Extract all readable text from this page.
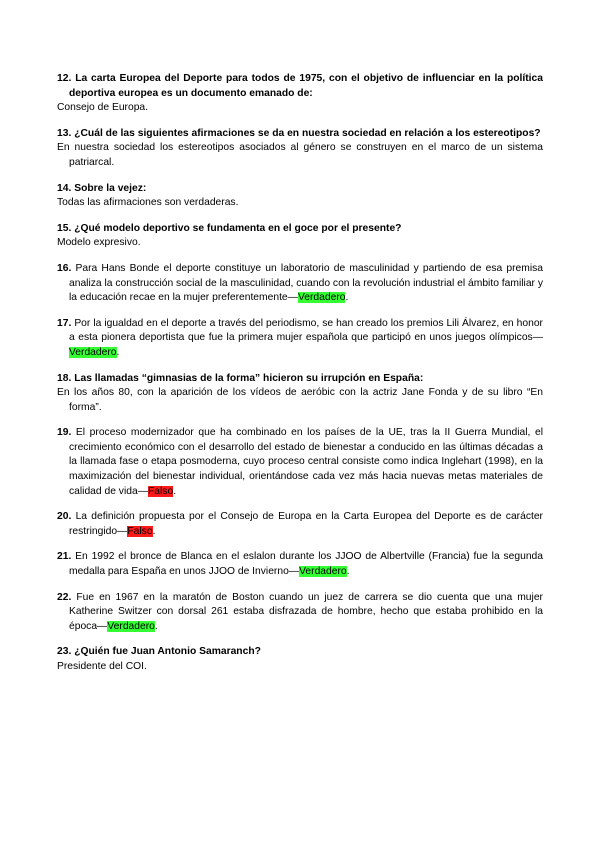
12. La carta Europea del Deporte para todos de 1975, con el objetivo de influenciar en la política deportiva europea es un documento emanado de:
Consejo de Europa.
13. ¿Cuál de las siguientes afirmaciones se da en nuestra sociedad en relación a los estereotipos?
En nuestra sociedad los estereotipos asociados al género se construyen en el marco de un sistema patriarcal.
14. Sobre la vejez:
Todas las afirmaciones son verdaderas.
15. ¿Qué modelo deportivo se fundamenta en el goce por el presente?
Modelo expresivo.
16. Para Hans Bonde el deporte constituye un laboratorio de masculinidad y partiendo de esa premisa analiza la construcción social de la masculinidad, cuando con la revolución industrial el ámbito familiar y la educación recae en la mujer preferentemente—Verdadero.
17. Por la igualdad en el deporte a través del periodismo, se han creado los premios Lili Álvarez, en honor a esta pionera deportista que fue la primera mujer española que participó en unos juegos olímpicos—Verdadero.
18. Las llamadas “gimnasias de la forma” hicieron su irrupción en España:
En los años 80, con la aparición de los vídeos de aeróbic con la actriz Jane Fonda y de su libro “En forma”.
19. El proceso modernizador que ha combinado en los países de la UE, tras la II Guerra Mundial, el crecimiento económico con el desarrollo del estado de bienestar a conducido en las últimas décadas a la llamada fase o etapa posmoderna, cuyo proceso central consiste como indica Inglehart (1998), en la maximización del bienestar individual, orientándose cada vez más hacia nuevas metas materiales de calidad de vida—Falso.
20. La definición propuesta por el Consejo de Europa en la Carta Europea del Deporte es de carácter restringido—Falso.
21. En 1992 el bronce de Blanca en el eslalon durante los JJOO de Albertville (Francia) fue la segunda medalla para España en unos JJOO de Invierno—Verdadero.
22. Fue en 1967 en la maratón de Boston cuando un juez de carrera se dio cuenta que una mujer Katherine Switzer con dorsal 261 estaba disfrazada de hombre, hecho que estaba prohibido en la época—Verdadero.
23. ¿Quién fue Juan Antonio Samaranch?
Presidente del COI.
